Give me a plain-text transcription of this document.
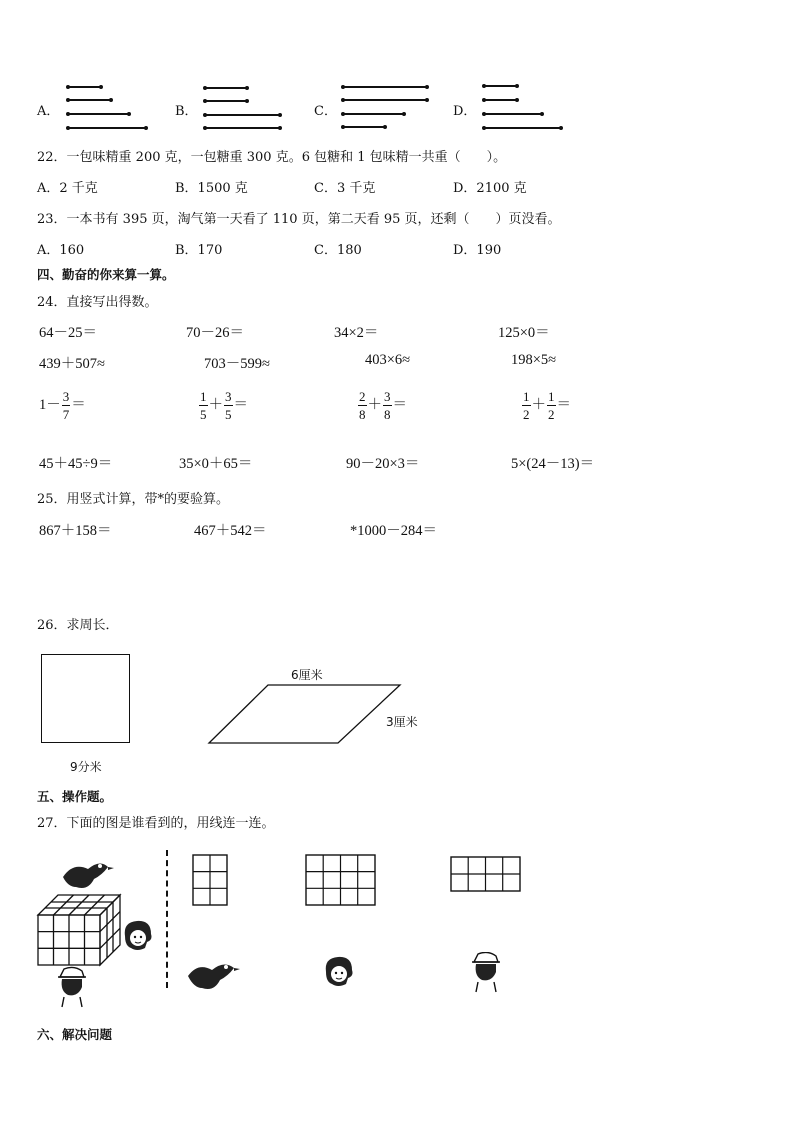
A．	B．	C．	D．
22．一包味精重 200 克，一包糖重 300 克。6 包糖和 1 包味精一共重（　　）。
A．2 千克	B．1500 克	C．3 千克	D．2100 克
23．一本书有 395 页，淘气第一天看了 110 页，第二天看 95 页，还剩（　　）页没看。
A．160	B．170	C．180	D．190
四、勤奋的你来算一算。
24．直接写出得数。
64－25＝	70－26＝	34×2＝	125×0＝
439＋507≈	703－599≈	403×6≈	198×5≈
$1- \frac{3}{7}$ ＝	$\frac{1}{5} + \frac{3}{5}$ ＝	$\frac{2}{8} + \frac{3}{8}$ ＝	$\frac{1}{2} + \frac{1}{2}$ ＝
45＋45÷9＝	35×0＋65＝	90－20×3＝	5×(24－13)＝
25．用竖式计算，带*的要验算。
867＋158＝	467＋542＝	*1000－284＝
26．求周长．
9分米
6厘米
3厘米
五、操作题。
27．下面的图是谁看到的，用线连一连。
六、解决问题
